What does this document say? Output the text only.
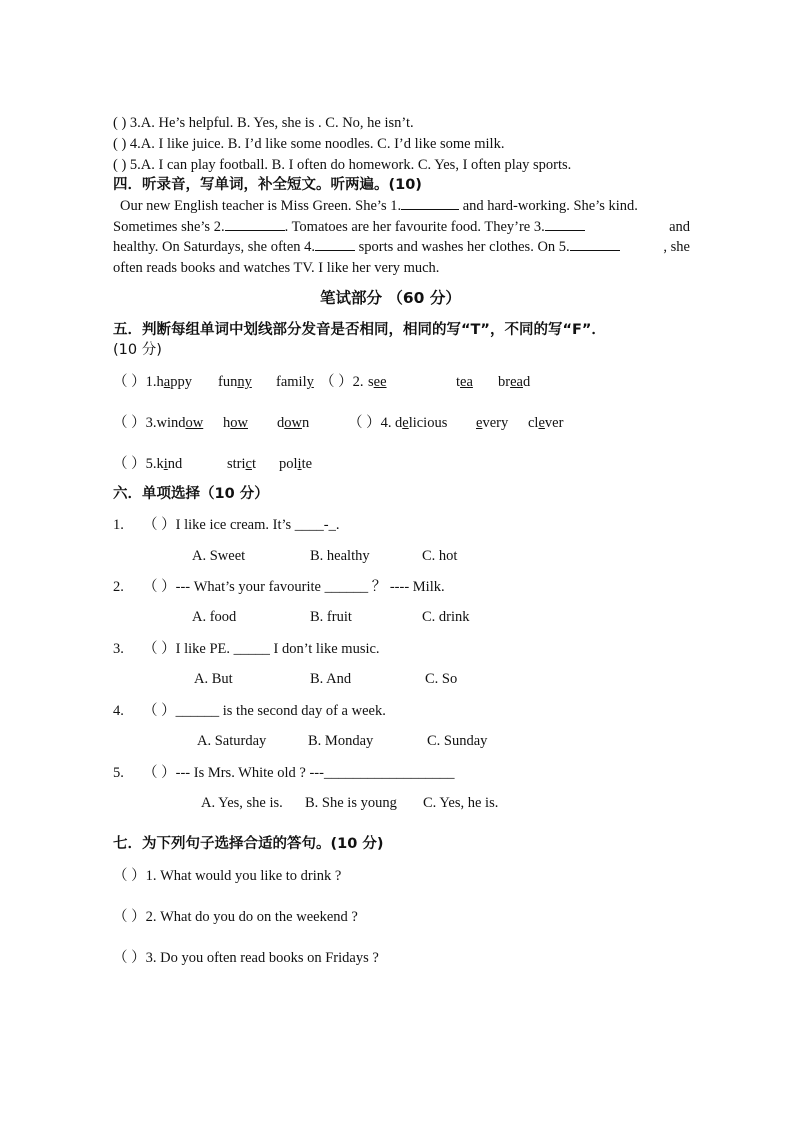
( ) 3.A. He’s helpful. B. Yes, she is . C. No, he isn’t.
( ) 4.A. I like juice. B. I’d like some noodles. C. I’d like some milk.
( ) 5.A. I can play football. B. I often do homework. C. Yes, I often play sports.
四．听录音，写单词，补全短文。听两遍。(10)
Our new English teacher is Miss Green. She’s 1.	and hard-working. She’s kind.
Sometimes she’s 2.	. Tomatoes are her favourite food. They’re 3.	and
healthy. On Saturdays, she often 4.	sports and washes her clothes. On 5.	, she
often reads books and watches TV. I like her very much.
笔试部分 （60 分）
五．判断每组单词中划线部分发音是否相同，相同的写“T”，不同的写“F”．
(10 分)
（ ）1.happy funny family （ ）2. see	tea bread
（ ）3.window how down	（ ）4. delicious every clever
（ ）5.kind	strict polite
六．单项选择（10 分）
1. （ ）I like ice cream. It’s ____-_.
A. Sweet	B. healthy	C. hot
2. （ ）--- What’s your favourite ______ ？ ---- Milk.
A. food	B. fruit	C. drink
3. （ ）I like PE. _____ I don’t like music.
A. But	B. And	C. So
4. （ ）______ is the second day of a week.
A. Saturday	B. Monday	C. Sunday
5. （ ）--- Is Mrs. White old ? ---__________________
A. Yes, she is. B. She is young C. Yes, he is.
七．为下列句子选择合适的答句。(10 分)
（ ）1. What would you like to drink ?
（ ）2. What do you do on the weekend ?
（ ）3. Do you often read books on Fridays ?
